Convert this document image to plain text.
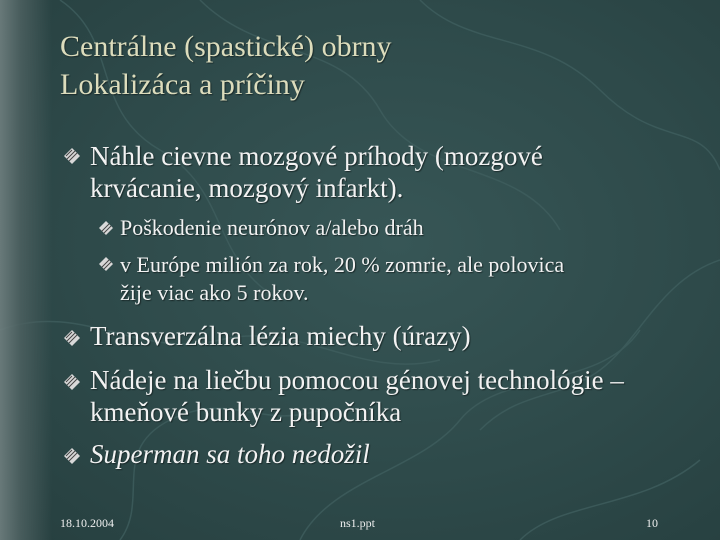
Centrálne (spastické) obrny
Lokalizáca a príčiny
Náhle cievne mozgové príhody (mozgové krvácanie, mozgový infarkt).
Poškodenie neurónov a/alebo dráh
v Európe milión za rok, 20 % zomrie, ale polovica žije viac ako 5 rokov.
Transverzálna lézia miechy (úrazy)
Nádeje na liečbu pomocou génovej technológie – kmeňové bunky z pupočníka
Superman sa toho nedožil
18.10.2004	ns1.ppt	10
